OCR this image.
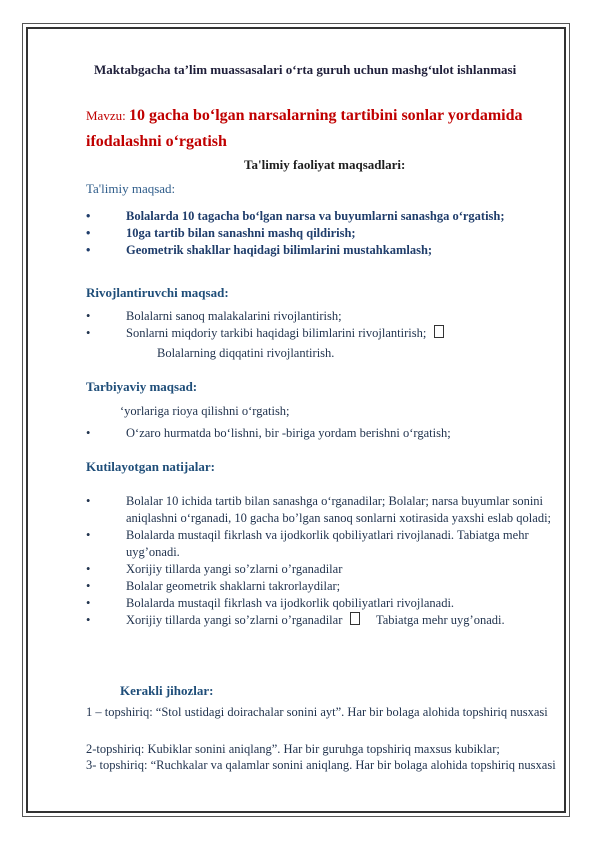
Maktabgacha ta’lim muassasalari o‘rta guruh uchun mashg‘ulot ishlanmasi
Mavzu: 10 gacha bo‘lgan narsalarning tartibini sonlar yordamida
ifodalashni o‘rgatish
Ta'limiy faoliyat maqsadlari:
Ta'limiy maqsad:
•	Bolalarda 10 tagacha bo‘lgan narsa va buyumlarni sanashga o‘rgatish;
•	10ga tartib bilan sanashni mashq qildirish;
•	Geometrik shakllar haqidagi bilimlarini mustahkamlash;
Rivojlantiruvchi maqsad:
•	Bolalarni sanoq malakalarini rivojlantirish;
•	Sonlarni miqdoriy tarkibi haqidagi bilimlarini rivojlantirish;
Bolalarning diqqatini rivojlantirish.
Tarbiyaviy maqsad:
‘yorlariga rioya qilishni o‘rgatish;
•	O‘zaro hurmatda bo‘lishni, bir -biriga yordam berishni o‘rgatish;
Kutilayotgan natijalar:
•	Bolalar 10 ichida tartib bilan sanashga o‘rganadilar; Bolalar; narsa buyumlar sonini aniqlashni o‘rganadi, 10 gacha bo’lgan sanoq sonlarni xotirasida yaxshi eslab qoladi;
•	Bolalarda mustaqil fikrlash va ijodkorlik qobiliyatlari rivojlanadi. Tabiatga mehr uyg’onadi.
•	Xorijiy tillarda yangi so’zlarni o’rganadilar
•	Bolalar geometrik shaklarni takrorlaydilar;
•	Bolalarda mustaqil fikrlash va ijodkorlik qobiliyatlari rivojlanadi.
•	Xorijiy tillarda yangi so’zlarni o’rganadilar	Tabiatga mehr uyg’onadi.
Kerakli jihozlar:
1 – topshiriq: “Stol ustidagi doirachalar sonini ayt”. Har bir bolaga alohida topshiriq nusxasi
2-topshiriq: Kubiklar sonini aniqlang”. Har bir guruhga topshiriq maxsus kubiklar;
3- topshiriq: “Ruchkalar va qalamlar sonini aniqlang. Har bir bolaga alohida topshiriq nusxasi
